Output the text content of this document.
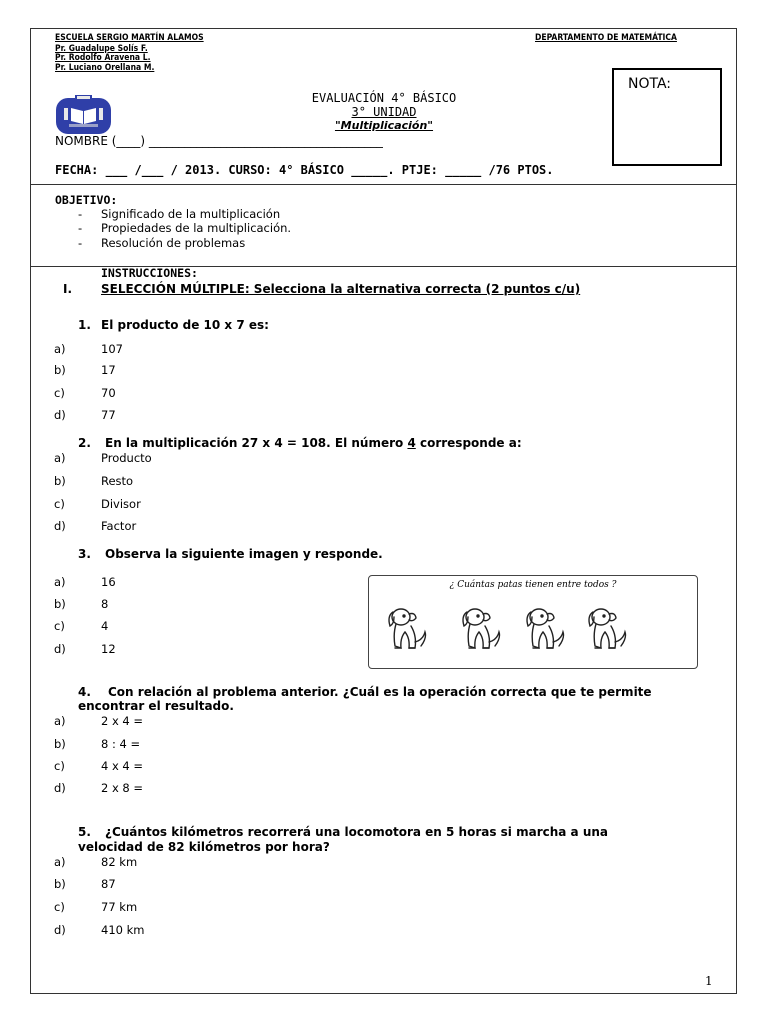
ESCUELA SERGIO MARTÍN ALAMOS	DEPARTAMENTO DE MATEMÁTICA
Pr. Guadalupe Solís F.
Pr. Rodolfo Aravena L.
Pr. Luciano Orellana M.
EVALUACIÓN 4° BÁSICO
3° UNIDAD
"Multiplicación"
NOMBRE (____) _______________________________________
FECHA: ___ /___ / 2013. CURSO: 4° BÁSICO _____. PTJE: _____ /76 PTOS.
NOTA:
OBJETIVO:
- Significado de la multiplicación
- Propiedades de la multiplicación.
- Resolución de problemas
INSTRUCCIONES:
I. SELECCIÓN MÚLTIPLE: Selecciona la alternativa correcta (2 puntos c/u)
1. El producto de 10 x 7 es:
a)	107
b)	17
c)	70
d)	77
2. En la multiplicación 27 x 4 = 108. El número 4 corresponde a:
a)	Producto
b)	Resto
c)	Divisor
d)	Factor
3. Observa la siguiente imagen y responde.
a)	16
b)	8
c)	4
d)	12
¿ Cuántas patas tienen entre todos ?
4. Con relación al problema anterior. ¿Cuál es la operación correcta que te permite
encontrar el resultado.
a)	2 x 4 =
b)	8 : 4 =
c)	4 x 4 =
d)	2 x 8 =
5. ¿Cuántos kilómetros recorrerá una locomotora en 5 horas si marcha a una
velocidad de 82 kilómetros por hora?
a)	82 km
b)	87
c)	77 km
d)	410 km
1
